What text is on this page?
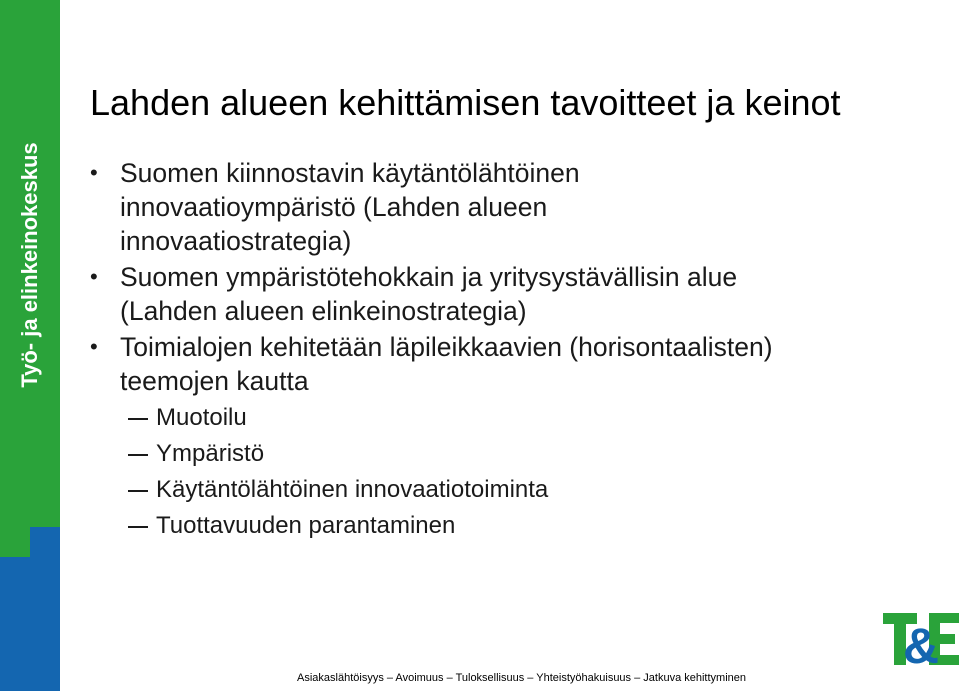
Työ- ja elinkeinokeskus
Lahden alueen kehittämisen tavoitteet ja keinot
• Suomen kiinnostavin käytäntölähtöinen
innovaatioympäristö (Lahden alueen
innovaatiostrategia)
• Suomen ympäristötehokkain ja yritysystävällisin alue
(Lahden alueen elinkeinostrategia)
• Toimialojen kehitetään läpileikkaavien (horisontaalisten)
teemojen kautta
Muotoilu
Ympäristö
Käytäntölähtöinen innovaatiotoiminta
Tuottavuuden parantaminen
Asiakaslähtöisyys – Avoimuus – Tuloksellisuus – Yhteistyöhakuisuus – Jatkuva kehittyminen
&
